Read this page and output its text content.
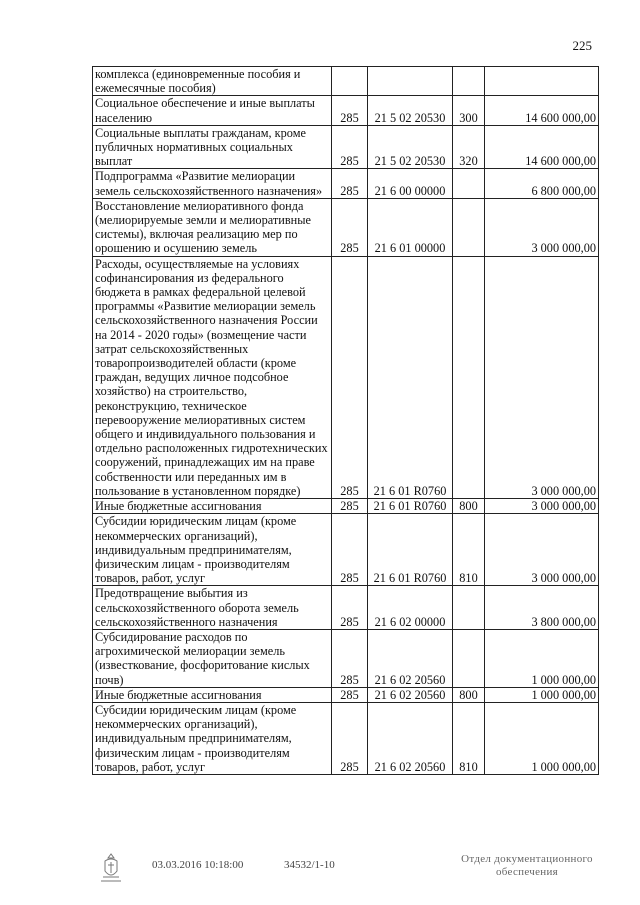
225
комплекса (единовременные пособия и ежемесячные пособия)				
Социальное обеспечение и иные выплаты населению	285	21 5 02 20530	300	14 600 000,00
Социальные выплаты гражданам, кроме публичных нормативных социальных выплат	285	21 5 02 20530	320	14 600 000,00
Подпрограмма «Развитие мелиорации земель сельскохозяйственного назначения»	285	21 6 00 00000		6 800 000,00
Восстановление мелиоративного фонда (мелиорируемые земли и мелиоративные системы), включая реализацию мер по орошению и осушению земель	285	21 6 01 00000		3 000 000,00
Расходы, осуществляемые на условиях софинансирования из федерального бюджета в рамках федеральной целевой программы «Развитие мелиорации земель сельскохозяйственного назначения России на 2014 - 2020 годы» (возмещение части затрат сельскохозяйственных товаропроизводителей области (кроме граждан, ведущих личное подсобное хозяйство) на строительство, реконструкцию, техническое перевооружение мелиоративных систем общего и индивидуального пользования и отдельно расположенных гидротехнических сооружений, принадлежащих им на праве собственности или переданных им в пользование в установленном порядке)	285	21 6 01 R0760		3 000 000,00
Иные бюджетные ассигнования	285	21 6 01 R0760	800	3 000 000,00
Субсидии юридическим лицам (кроме некоммерческих организаций), индивидуальным предпринимателям, физическим лицам - производителям товаров, работ, услуг	285	21 6 01 R0760	810	3 000 000,00
Предотвращение выбытия из сельскохозяйственного оборота земель сельскохозяйственного назначения	285	21 6 02 00000		3 800 000,00
Субсидирование расходов по агрохимической мелиорации земель (известкование, фосфоритование кислых почв)	285	21 6 02 20560		1 000 000,00
Иные бюджетные ассигнования	285	21 6 02 20560	800	1 000 000,00
Субсидии юридическим лицам (кроме некоммерческих организаций), индивидуальным предпринимателям, физическим лицам - производителям товаров, работ, услуг	285	21 6 02 20560	810	1 000 000,00
03.03.2016 10:18:00	34532/1-10	Отдел документационного обеспечения
